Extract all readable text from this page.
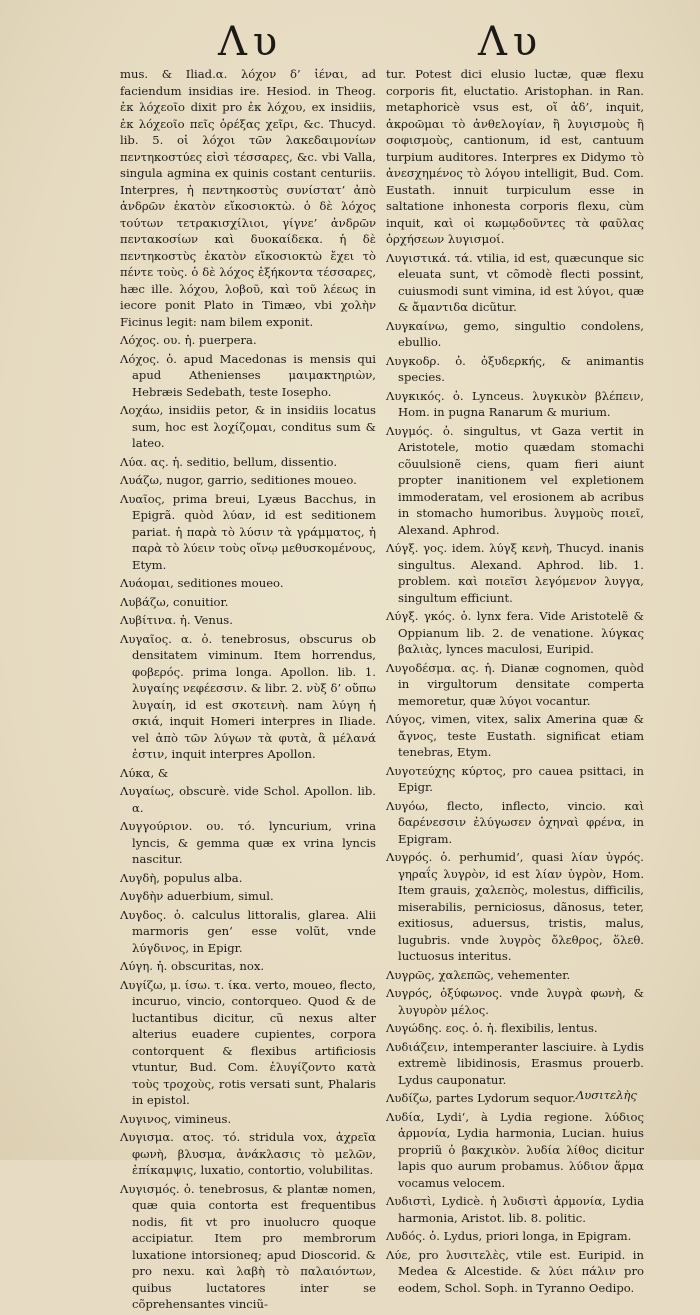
Λυ	Λυ

mus. & Iliad.α. λόχον δ’ ἰέναι, ad faciendum insidias ire. Hesiod. in Theog. ἐκ λόχεοῖο dixit pro ἐκ λόχου, ex insidiis, ἐκ λόχεοῖο πεῖς ὀρέξας χεῖρι, &c. Thucyd. lib. 5. οἱ λόχοι τῶν λακεδαιμονίων πεντηκοστύες εἰσὶ τέσσαρες, &c. vbi Valla, singula agmina ex quinis costant centuriis. Interpres, ἡ πεντηκοστὺς συνίστατ’ ἀπὸ ἀνδρῶν ἑκατὸν εἴκοσιοκτὼ. ὁ δὲ λόχος τούτων τετρακισχίλιοι, γίγνε’ ἀνδρῶν πεντακοσίων καὶ δυοκαίδεκα. ἡ δὲ πεντηκοστὺς ἑκατὸν εἴκοσιοκτὼ ἔχει τὸ πέντε τοὺς. ὁ δὲ λόχος ἑξήκοντα τέσσαρες, hæc ille. λόχου, λοβοῦ, καὶ τοῦ λέεως in iecore ponit Plato in Timæo, vbi χολὴν Ficinus legit: nam bilem exponit.

Λόχος. ου. ἡ. puerpera.

Λόχος. ὁ. apud Macedonas is mensis qui apud Athenienses μαιμακτηριὼν, Hebræis Sedebath, teste Iosepho.

Λοχάω, insidiis petor, & in insidiis locatus sum, hoc est λοχίζομαι, conditus sum & lateo.

Λύα. ας. ἡ. seditio, bellum, dissentio.

Λυάζω, nugor, garrio, seditiones moueo.

Λυαῖος, prima breui, Lyæus Bacchus, in Epigrã. quòd λύαν, id est seditionem pariat. ἡ παρὰ τὸ λύσιν τὰ γράμματος, ἡ παρὰ τὸ λύειν τοὺς οἴνῳ μεθυσκομένους, Etym.

Λυάομαι, seditiones moueo.

Λυβάζω, conuitior.

Λυβίτινα. ἡ. Venus.

Λυγαῖος. α. ὁ. tenebrosus, obscurus ob densitatem viminum. Item horrendus, φοβερός. prima longa. Apollon. lib. 1. λυγαίης νεφέεσσιν. & libr. 2. νὺξ δ’ οὔπω λυγαίη, id est σκοτεινὴ. nam λύγη ἡ σκιά, inquit Homeri interpres in Iliade. vel ἀπὸ τῶν λύγων τὰ φυτὰ, ἃ μέλανά ἐστιν, inquit interpres Apollon.

Λύκα, &

Λυγαίως, obscurè. vide Schol. Apollon. lib. α.

Λυγγούριον. ου. τό. lyncurium, vrina lyncis, & gemma quæ ex vrina lyncis nascitur.

Λυγδὴ, populus alba.

Λυγδὴν aduerbium, simul.

Λυγδος. ὁ. calculus littoralis, glarea. Alii marmoris genʻ esse volũt, vnde λύγδινος, in Epigr.

Λύγη. ἡ. obscuritas, nox.

Λυγίζω, μ. ίσω. τ. ίκα. verto, moueo, flecto, incuruo, vincio, contorqueo. Quod & de luctantibus dicitur, cũ nexus alter alterius euadere cupientes, corpora contorquent & flexibus artificiosis vtuntur, Bud. Com. ἐλυγίζοντο κατὰ τοὺς τροχοὺς, rotis versati sunt, Phalaris in epistol.

Λυγινος, vimineus.

Λυγισμα. ατος. τό. stridula vox, ἀχρεῖα φωνὴ, βλυσμα, ἀνάκλασις τὸ μελῶν, ἐπίκαμψις, luxatio, contortio, volubilitas.

Λυγισμός. ὁ. tenebrosus, & plantæ nomen, quæ quia contorta est frequentibus nodis, fit vt pro inuolucro quoque accipiatur. Item pro membrorum luxatione intorsioneq; apud Dioscorid. & pro nexu. καὶ λαβὴ τὸ παλαιόντων, quibus luctatores inter se cõprehensantes vinciũ-

tur. Potest dici elusio luctæ, quæ flexu corporis fit, eluctatio. Aristophan. in Ran. metaphoricè vsus est, οἵ ἀδ’, inquit, ἀκροῶμαι τὸ ἀνθελογίαν, ἢ λυγισμοὺς ἢ σοφισμοὺς, cantionum, id est, cantuum turpium auditores. Interpres ex Didymo τὸ ἀνεσχημένος τὸ λόγου intelligit, Bud. Com. Eustath. innuit turpiculum esse in saltatione inhonesta corporis flexu, cùm inquit, καὶ οἱ κωμῳδοῦντες τὰ φαῦλας ὀρχήσεων λυγισμοί.

Λυγιστικά. τά. vtilia, id est, quæcunque sic eleuata sunt, vt cõmodè flecti possint, cuiusmodi sunt vimina, id est λύγοι, quæ & ἄμαντιδα dicũtur.

Λυγκαίνω, gemo, singultio condolens, ebullio.

Λυγκοδρ. ὁ. ὀξυδερκής, & animantis species.

Λυγκικός. ὁ. Lynceus. λυγκικὸν βλέπειν, Hom. in pugna Ranarum & murium.

Λυγμός. ὁ. singultus, vt Gaza vertit in Aristotele, motio quædam stomachi cõuulsionẽ ciens, quam fieri aiunt propter inanitionem vel expletionem immoderatam, vel erosionem ab acribus in stomacho humoribus. λυγμοὺς ποιεῖ, Alexand. Aphrod.

Λύγξ. γος. idem. λύγξ κενὴ, Thucyd. inanis singultus. Alexand. Aphrod. lib. 1. problem. καὶ ποιεῖσι λεγόμενον λυγγα, singultum efficiunt.

Λύγξ. γκός. ὁ. lynx fera. Vide Aristotelẽ & Oppianum lib. 2. de venatione. λύγκας βαλιὰς, lynces maculosi, Euripid.

Λυγοδέσμα. ας. ἡ. Dianæ cognomen, quòd in virgultorum densitate comperta memoretur, quæ λύγοι vocantur.

Λύγος, vimen, vitex, salix Amerina quæ & ἄγνος, teste Eustath. significat etiam tenebras, Etym.

Λυγοτεύχης κύρτος, pro cauea psittaci, in Epigr.

Λυγόω, flecto, inflecto, vincio. καὶ δαρένεσσιν ἐλύγωσεν ὀχηναὶ φρένα, in Epigram.

Λυγρός. ὁ. perhumidʻ, quasi λίαν ὑγρός. γηραΐς λυγρὸν, id est λίαν ὑγρὸν, Hom. Item grauis, χαλεπὸς, molestus, difficilis, miserabilis, perniciosus, dãnosus, teter, exitiosus, aduersus, tristis, malus, lugubris. vnde λυγρὸς ὄλεθρος, ὅλεθ. luctuosus interitus.

Λυγρῶς, χαλεπῶς, vehementer.

Λυγρός, ὀξύφωνος. vnde λυγρὰ φωνὴ, & λυγυρὸν μέλος.

Λυγώδης. εος. ὁ. ἡ. flexibilis, lentus.

Λυδιάζειν, intemperanter lasciuire. à Lydis extremè libidinosis, Erasmus prouerb. Lydus cauponatur.

Λυδίζω, partes Lydorum sequor.

Λυδία, Lydiʻ, à Lydia regione. λύδιος ἁρμονία, Lydia harmonia, Lucian. huius propriũ ὁ βακχικὸν. λυδία λίθος dicitur lapis quo aurum probamus. λύδιον ἅρμα vocamus velocem.

Λυδιστὶ, Lydicè. ἡ λυδιστὶ ἁρμονία, Lydia harmonia, Aristot. lib. 8. politic.

Λυδός. ὁ. Lydus, priori longa, in Epigram.

Λύε, pro λυσιτελὲς, vtile est. Euripid. in Medea & Alcestide. & λύει πάλιν pro eodem, Schol. Soph. in Tyranno Oedipo.

Λυσιτελὴς
